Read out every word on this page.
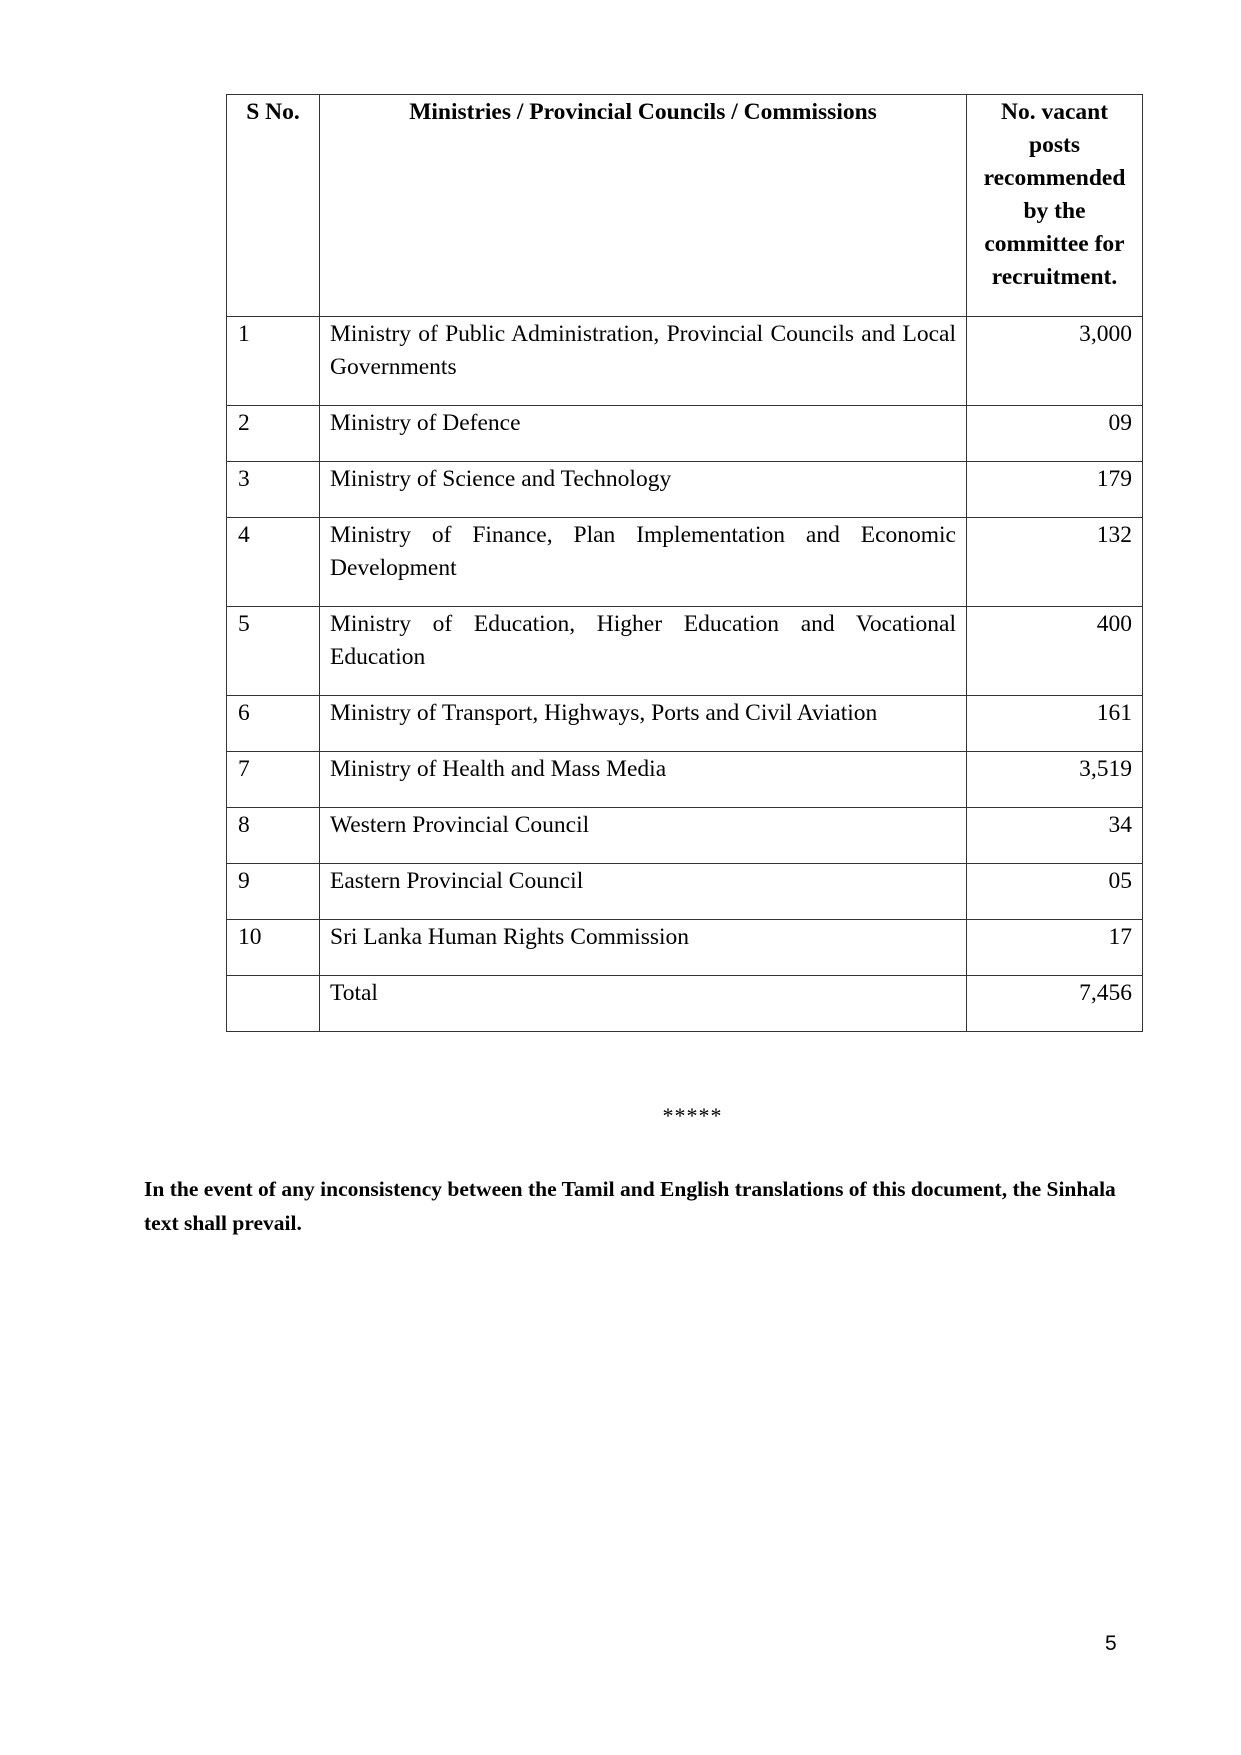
S No.	Ministries / Provincial Councils / Commissions	No. vacant posts recommended by the committee for recruitment.
1	Ministry of Public Administration, Provincial Councils and Local Governments	3,000
2	Ministry of Defence	09
3	Ministry of Science and Technology	179
4	Ministry of Finance, Plan Implementation and Economic Development	132
5	Ministry of Education, Higher Education and Vocational Education	400
6	Ministry of Transport, Highways, Ports and Civil Aviation	161
7	Ministry of Health and Mass Media	3,519
8	Western Provincial Council	34
9	Eastern Provincial Council	05
10	Sri Lanka Human Rights Commission	17
	Total	7,456
*****
In the event of any inconsistency between the Tamil and English translations of this document, the Sinhala text shall prevail.
5
